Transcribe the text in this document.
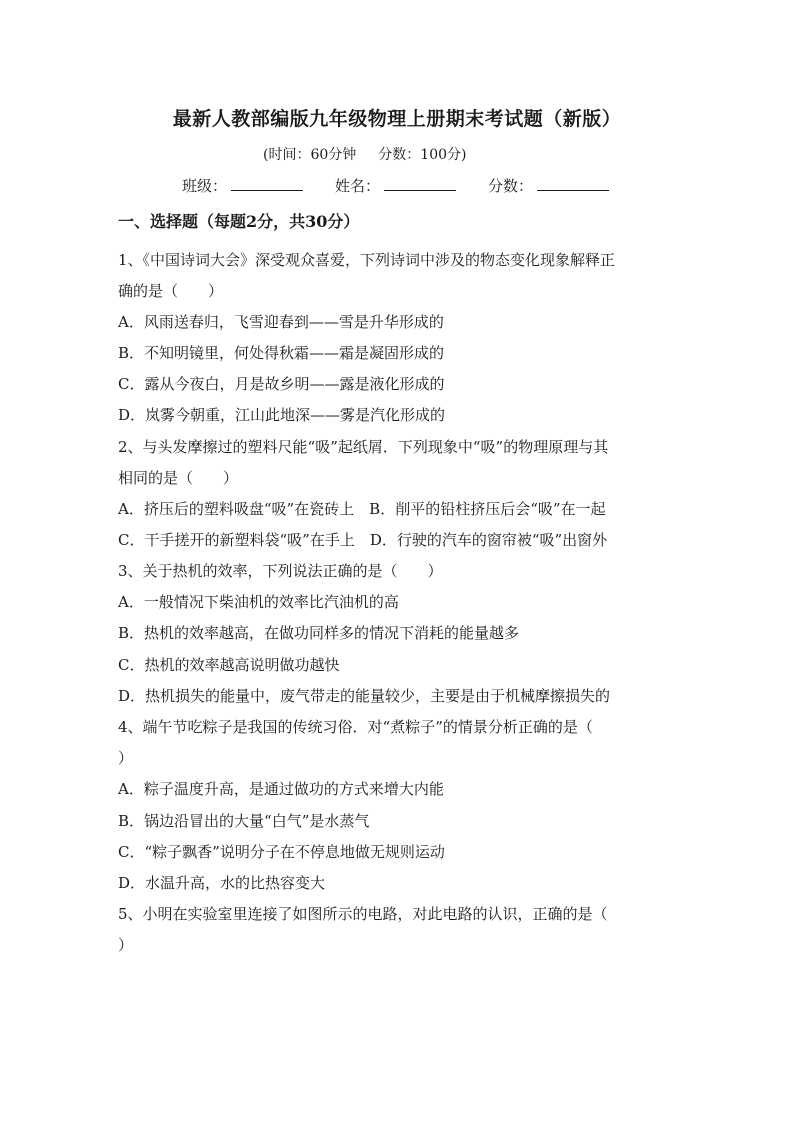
最新人教部编版九年级物理上册期末考试题（新版）
(时间：60分钟 分数：100分)
班级：	姓名：	分数：
一、选择题（每题2分，共30分）
1、《中国诗词大会》深受观众喜爱，下列诗词中涉及的物态变化现象解释正
确的是（　　）
A．风雨送春归，飞雪迎春到——雪是升华形成的
B．不知明镜里，何处得秋霜——霜是凝固形成的
C．露从今夜白，月是故乡明——露是液化形成的
D．岚雾今朝重，江山此地深——雾是汽化形成的
2、与头发摩擦过的塑料尺能“吸”起纸屑．下列现象中“吸”的物理原理与其
相同的是（　　）
A．挤压后的塑料吸盘“吸”在瓷砖上　B．削平的铅柱挤压后会“吸”在一起
C．干手搓开的新塑料袋“吸”在手上　D．行驶的汽车的窗帘被“吸”出窗外
3、关于热机的效率，下列说法正确的是（　　）
A．一般情况下柴油机的效率比汽油机的高
B．热机的效率越高，在做功同样多的情况下消耗的能量越多
C．热机的效率越高说明做功越快
D．热机损失的能量中，废气带走的能量较少，主要是由于机械摩擦损失的
4、端午节吃粽子是我国的传统习俗．对“煮粽子”的情景分析正确的是（
）
A．粽子温度升高，是通过做功的方式来增大内能
B．锅边沿冒出的大量“白气”是水蒸气
C．“粽子飘香”说明分子在不停息地做无规则运动
D．水温升高，水的比热容变大
5、小明在实验室里连接了如图所示的电路，对此电路的认识，正确的是（
）
